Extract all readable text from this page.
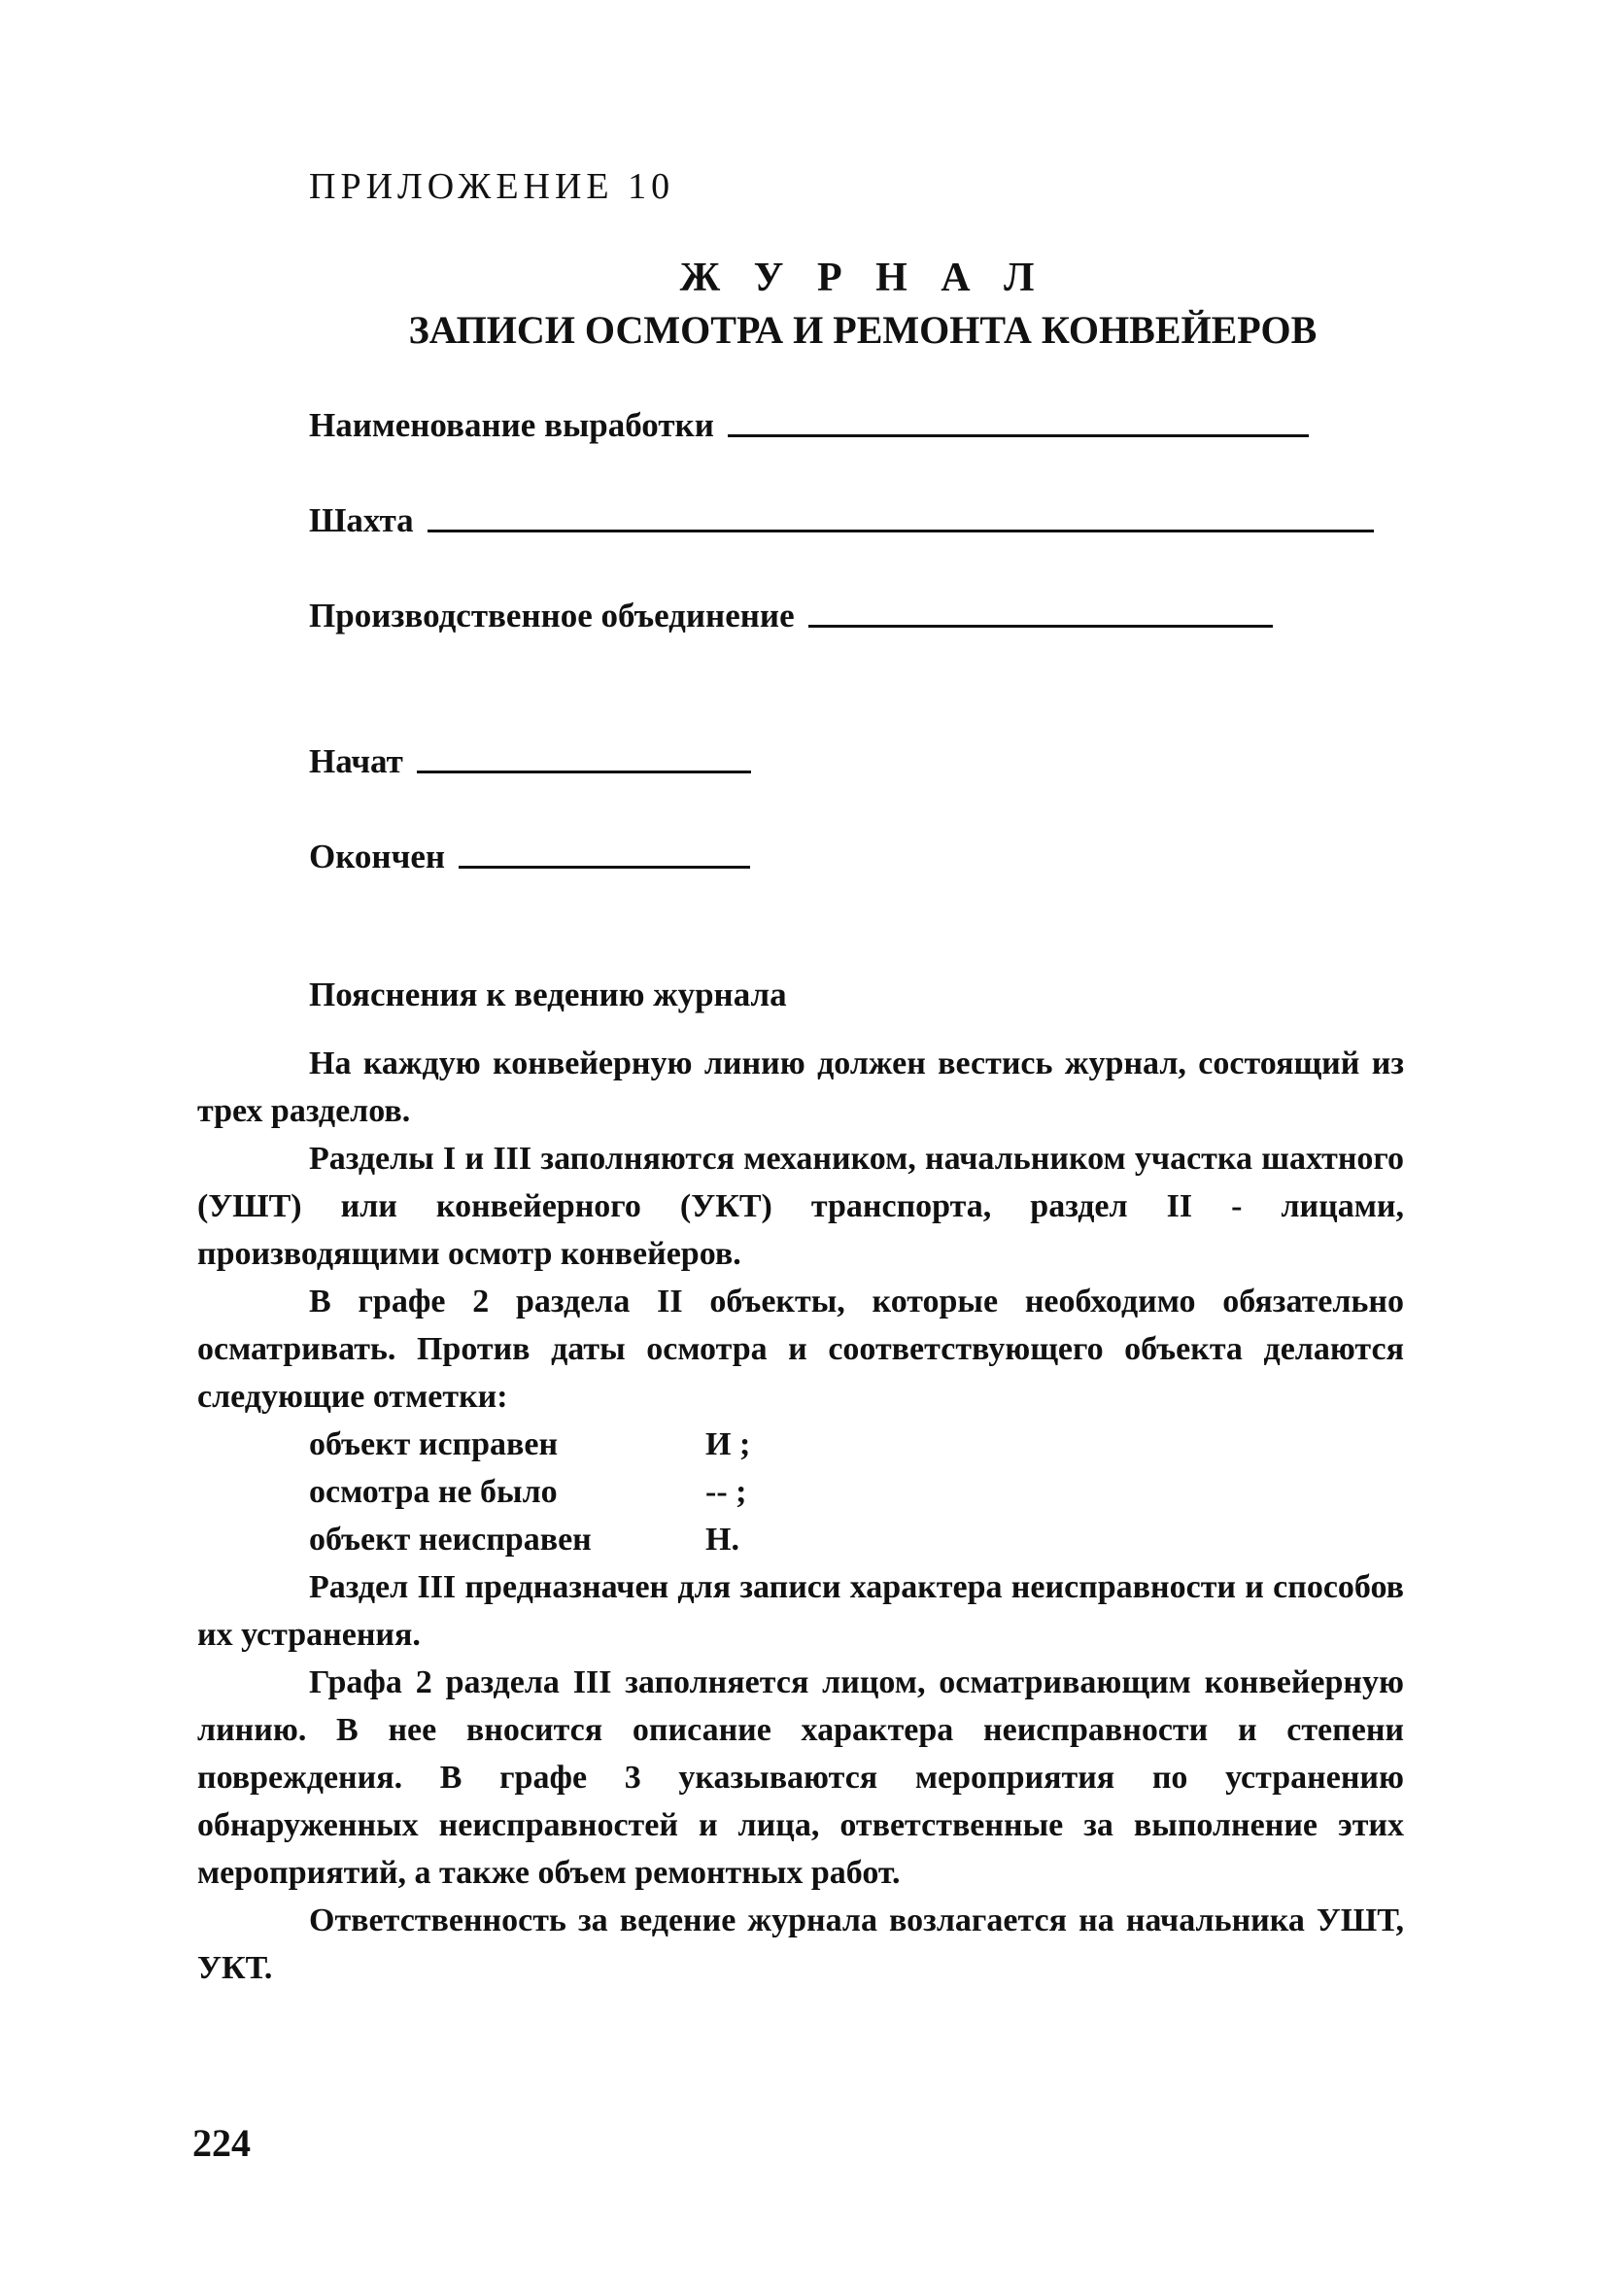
ПРИЛОЖЕНИЕ 10
Ж У Р Н А Л
ЗАПИСИ ОСМОТРА И РЕМОНТА КОНВЕЙЕРОВ
Наименование выработки
Шахта
Производственное объединение
Начат
Окончен
Пояснения к ведению журнала

На каждую конвейерную линию должен вестись журнал, состоящий из трех разделов.

Разделы I и III заполняются механиком, начальником участка шахтного (УШТ) или конвейерного (УКТ) транспорта, раздел II - лицами, производящими осмотр конвейеров.

В графе 2 раздела II объекты, которые необходимо обязательно осматривать. Против даты осмотра и соответствующего объекта делаются следующие отметки:

объект исправен	И ;
осмотра не было	-- ;
объект неисправен	Н.

Раздел III предназначен для записи характера неисправности и способов их устранения.

Графа 2 раздела III заполняется лицом, осматривающим конвейерную линию. В нее вносится описание характера неисправности и степени повреждения. В графе 3 указываются мероприятия по устранению обнаруженных неисправностей и лица, ответственные за выполнение этих мероприятий, а также объем ремонтных работ.

Ответственность за ведение журнала возлагается на начальника УШТ, УКТ.

224
